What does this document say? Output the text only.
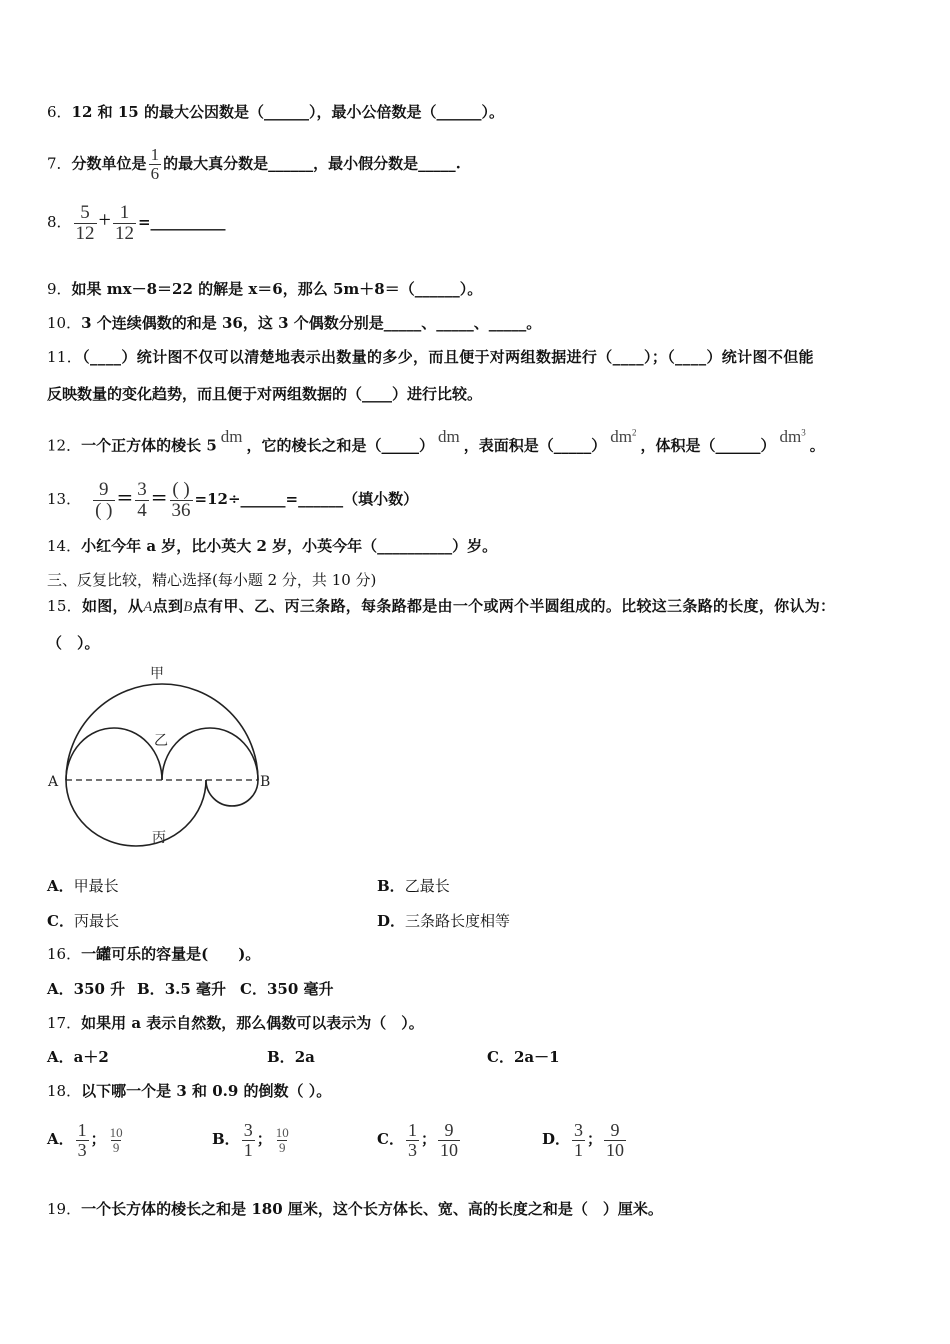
6．12 和 15 的最大公因数是（______），最小公倍数是（______）。
7．分数单位是 $\frac{1}{6}$ 的最大真分数是______，最小假分数是_____.
8． $\frac{5}{12} + \frac{1}{12}$ =__________
9．如果 mx－8＝22 的解是 x＝6，那么 5m＋8＝（______）。
10．3 个连续偶数的和是 36，这 3 个偶数分别是_____、_____、_____。
11．（____）统计图不仅可以清楚地表示出数量的多少，而且便于对两组数据进行（____）；（____）统计图不但能
反映数量的变化趋势，而且便于对两组数据的（____）进行比较。
12．一个正方体的棱长 5 dm ，它的棱长之和是（_____） dm ，表面积是（_____） $dm^2$，体积是（______） $dm^3$。
13． $\frac{9}{( )} = \frac{3}{4} = \frac{( )}{36}$ =12÷______=______（填小数）
14．小红今年 a 岁，比小英大 2 岁，小英今年（__________）岁。
三、反复比较，精心选择(每小题 2 分，共 10 分)
15．如图，从A点到B点有甲、乙、丙三条路，每条路都是由一个或两个半圆组成的。比较这三条路的长度，你认为：
（　）。
甲
乙
丙
A	B
A．甲最长	B．乙最长
C．丙最长	D．三条路长度相等
16．一罐可乐的容量是(　　)。
A．350 升 B．3.5 毫升 C．350 毫升
17．如果用 a 表示自然数，那么偶数可以表示为（　）。
A．a＋2	B．2a	C．2a－1
18．以下哪一个是 3 和 0.9 的倒数（ ）。
A． $\frac{1}{3}$ ； $\frac{10}{9}$	B． $\frac{3}{1}$ ； $\frac{10}{9}$	C． $\frac{1}{3}$ ； $\frac{9}{10}$	D． $\frac{3}{1}$ ； $\frac{9}{10}$
19．一个长方体的棱长之和是 180 厘米，这个长方体长、宽、高的长度之和是（　）厘米。
